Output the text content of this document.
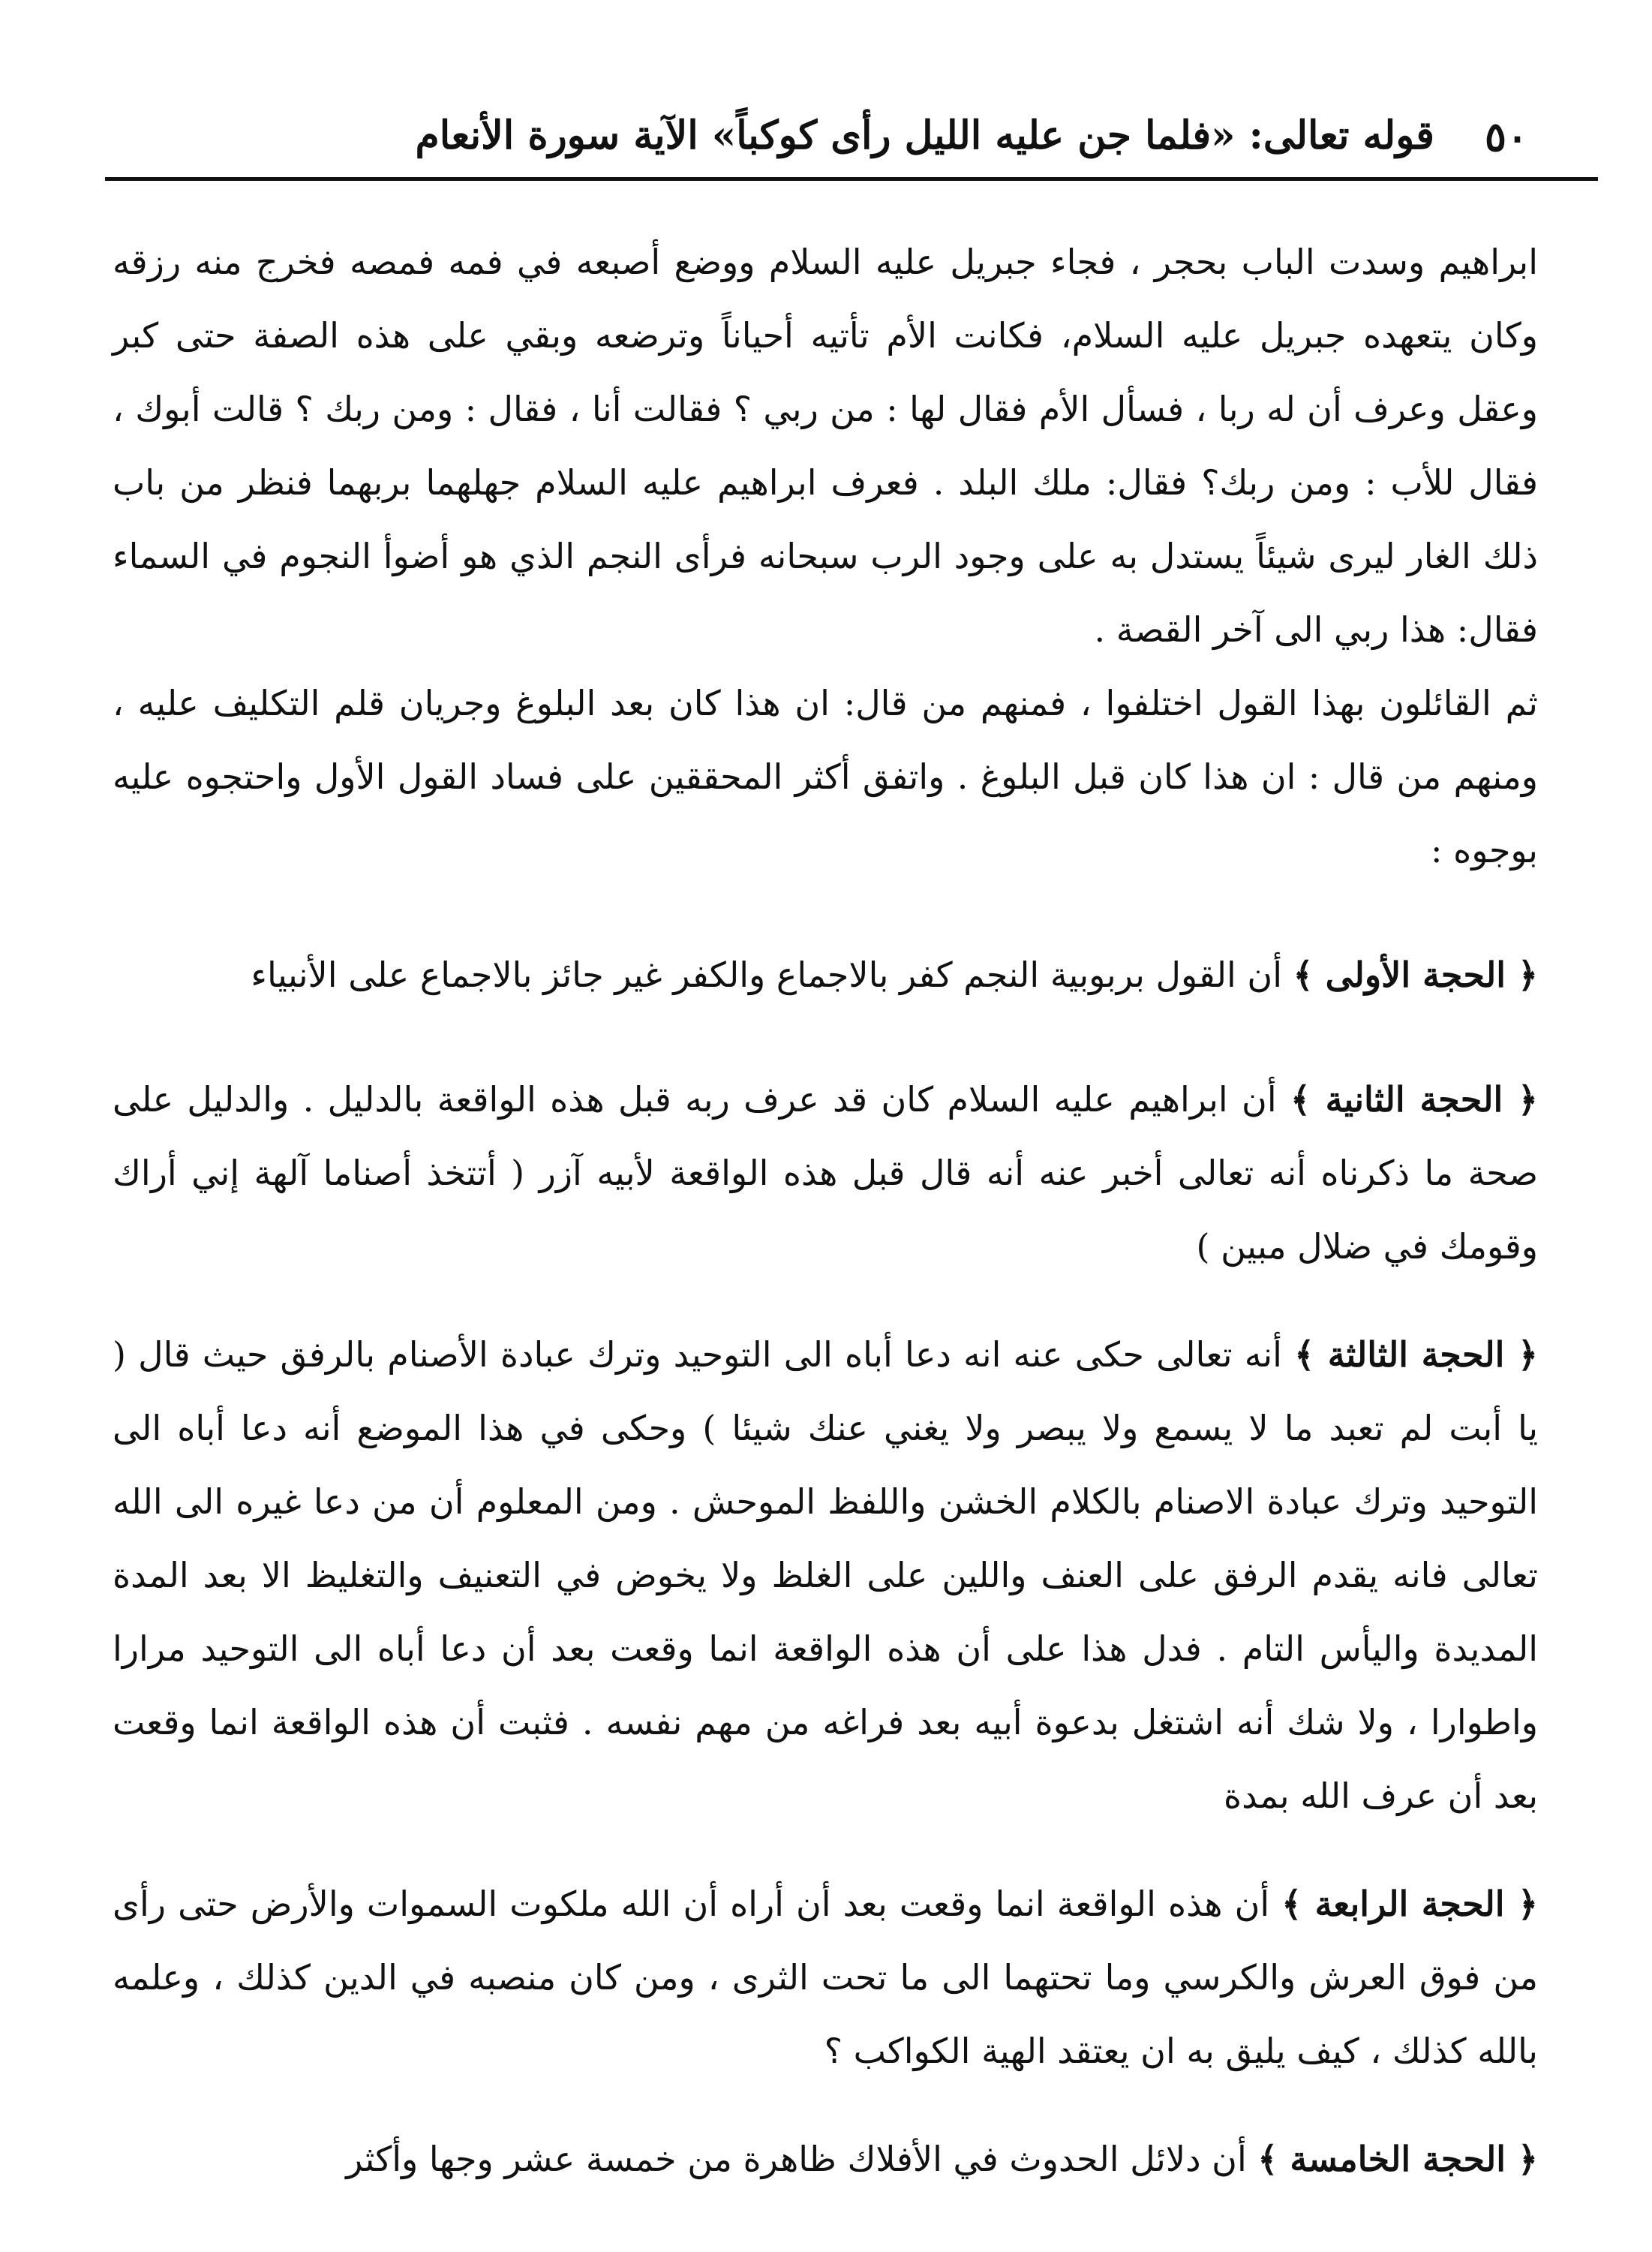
٥٠
قوله تعالى: «فلما جن عليه الليل رأى كوكباً» الآية سورة الأنعام

ابراهيم وسدت الباب بحجر ، فجاء جبريل عليه السلام ووضع أصبعه في فمه فمصه فخرج منه رزقه وكان يتعهده جبريل عليه السلام، فكانت الأم تأتيه أحياناً وترضعه وبقي على هذه الصفة حتى كبر وعقل وعرف أن له ربا ، فسأل الأم فقال لها : من ربي ؟ فقالت أنا ، فقال : ومن ربك ؟ قالت أبوك ، فقال للأب : ومن ربك؟ فقال: ملك البلد . فعرف ابراهيم عليه السلام جهلهما بربهما فنظر من باب ذلك الغار ليرى شيئاً يستدل به على وجود الرب سبحانه فرأى النجم الذي هو أضوأ النجوم في السماء فقال: هذا ربي الى آخر القصة .

ثم القائلون بهذا القول اختلفوا ، فمنهم من قال: ان هذا كان بعد البلوغ وجريان قلم التكليف عليه ، ومنهم من قال : ان هذا كان قبل البلوغ . واتفق أكثر المحققين على فساد القول الأول واحتجوه عليه بوجوه :

﴿ الحجة الأولى ﴾ أن القول بربوبية النجم كفر بالاجماع والكفر غير جائز بالاجماع على الأنبياء

﴿ الحجة الثانية ﴾ أن ابراهيم عليه السلام كان قد عرف ربه قبل هذه الواقعة بالدليل . والدليل على صحة ما ذكرناه أنه تعالى أخبر عنه أنه قال قبل هذه الواقعة لأبيه آزر ( أتتخذ أصناما آلهة إني أراك وقومك في ضلال مبين )

﴿ الحجة الثالثة ﴾ أنه تعالى حكى عنه انه دعا أباه الى التوحيد وترك عبادة الأصنام بالرفق حيث قال ( يا أبت لم تعبد ما لا يسمع ولا يبصر ولا يغني عنك شيئا ) وحكى في هذا الموضع أنه دعا أباه الى التوحيد وترك عبادة الاصنام بالكلام الخشن واللفظ الموحش . ومن المعلوم أن من دعا غيره الى الله تعالى فانه يقدم الرفق على العنف واللين على الغلظ ولا يخوض في التعنيف والتغليظ الا بعد المدة المديدة واليأس التام . فدل هذا على أن هذه الواقعة انما وقعت بعد أن دعا أباه الى التوحيد مرارا واطوارا ، ولا شك أنه اشتغل بدعوة أبيه بعد فراغه من مهم نفسه . فثبت أن هذه الواقعة انما وقعت بعد أن عرف الله بمدة

﴿ الحجة الرابعة ﴾ أن هذه الواقعة انما وقعت بعد أن أراه أن الله ملكوت السموات والأرض حتى رأى من فوق العرش والكرسي وما تحتهما الى ما تحت الثرى ، ومن كان منصبه في الدين كذلك ، وعلمه بالله كذلك ، كيف يليق به ان يعتقد الهية الكواكب ؟

﴿ الحجة الخامسة ﴾ أن دلائل الحدوث في الأفلاك ظاهرة من خمسة عشر وجها وأكثر
